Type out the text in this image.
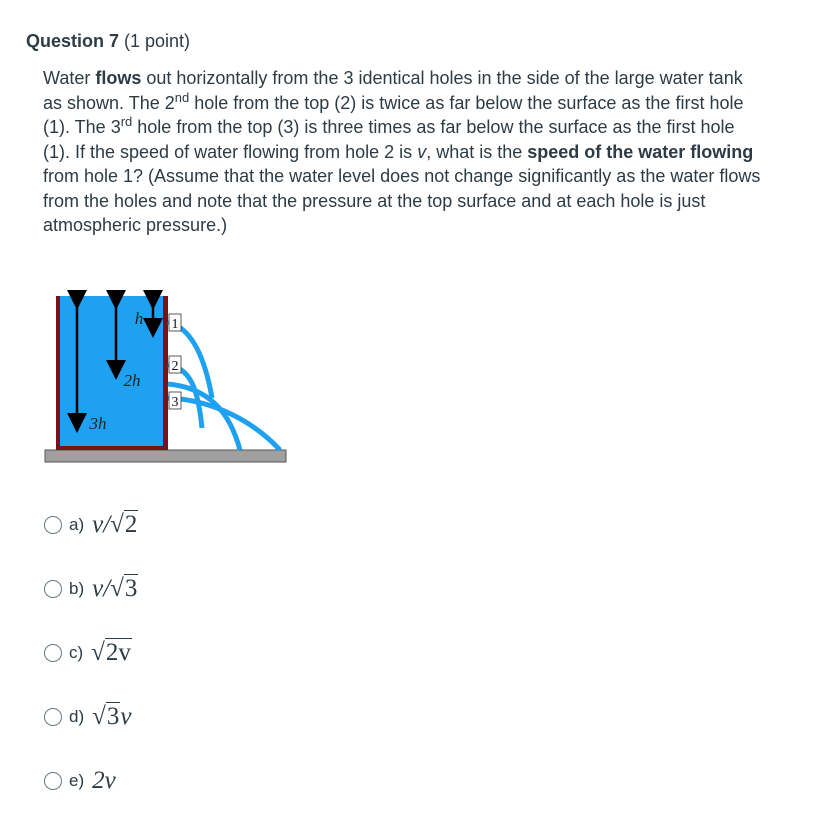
Question 7 (1 point)
Water flows out horizontally from the 3 identical holes in the side of the large water tank as shown. The 2nd hole from the top (2) is twice as far below the surface as the first hole (1). The 3rd hole from the top (3) is three times as far below the surface as the first hole (1). If the speed of water flowing from hole 2 is v, what is the speed of the water flowing from hole 1? (Assume that the water level does not change significantly as the water flows from the holes and note that the pressure at the top surface and at each hole is just atmospheric pressure.)
1
2
3
h
2h
3h
a) v/√2
b) v/√3
c) √2v
d) √3v
e) 2v
